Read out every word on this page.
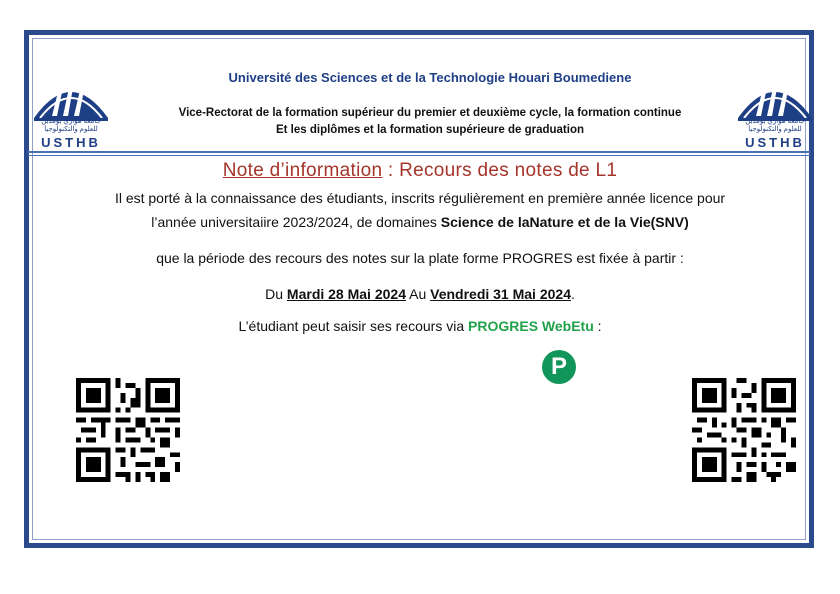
جامعة هواري بومدين
للعلوم والتكنولوجيا
USTHB
جامعة هواري بومدين
للعلوم والتكنولوجيا
USTHB
Université des Sciences et de la Technologie Houari Boumediene
Vice-Rectorat de la formation supérieur du premier et deuxième cycle, la formation continue
Et les diplômes et la formation supérieure de graduation
Note d’information : Recours des notes de L1
Il est porté à la connaissance des étudiants, inscrits régulièrement en première année licence pour
l’année universitaiire 2023/2024, de domaines Science de laNature et de la Vie(SNV)
que la période des recours des notes sur la plate forme PROGRES est fixée à partir :
Du Mardi 28 Mai 2024 Au Vendredi 31 Mai 2024.
L’étudiant peut saisir ses recours via PROGRES WebEtu :
P
